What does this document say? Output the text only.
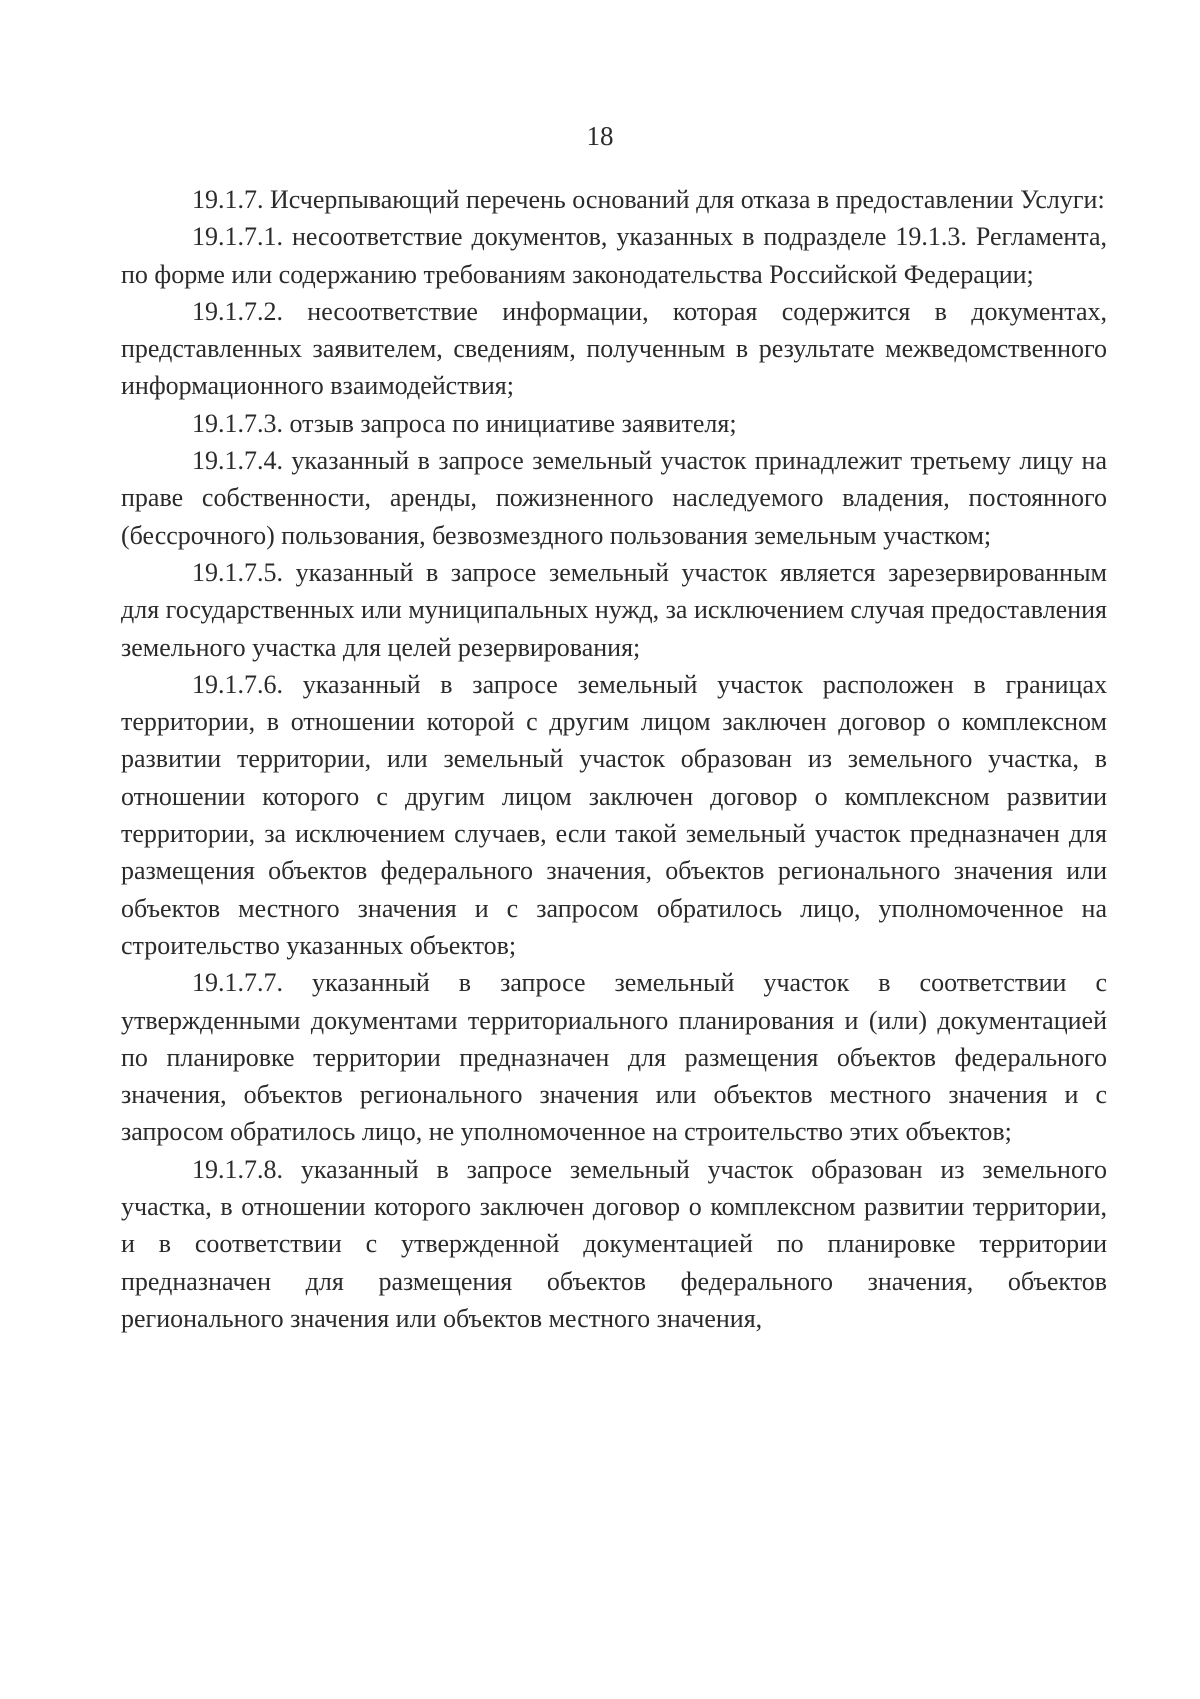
18

19.1.7. Исчерпывающий перечень оснований для отказа в предоставлении Услуги:

19.1.7.1. несоответствие документов, указанных в подразделе 19.1.3. Регламента, по форме или содержанию требованиям законодательства Российской Федерации;

19.1.7.2. несоответствие информации, которая содержится в документах, представленных заявителем, сведениям, полученным в результате межведомственного информационного взаимодействия;

19.1.7.3. отзыв запроса по инициативе заявителя;

19.1.7.4. указанный в запросе земельный участок принадлежит третьему лицу на праве собственности, аренды, пожизненного наследуемого владения, постоянного (бессрочного) пользования, безвозмездного пользования земельным участком;

19.1.7.5. указанный в запросе земельный участок является зарезервированным для государственных или муниципальных нужд, за исключением случая предоставления земельного участка для целей резервирования;

19.1.7.6. указанный в запросе земельный участок расположен в границах территории, в отношении которой с другим лицом заключен договор о комплексном развитии территории, или земельный участок образован из земельного участка, в отношении которого с другим лицом заключен договор о комплексном развитии территории, за исключением случаев, если такой земельный участок предназначен для размещения объектов федерального значения, объектов регионального значения или объектов местного значения и с запросом обратилось лицо, уполномоченное на строительство указанных объектов;

19.1.7.7. указанный в запросе земельный участок в соответствии с утвержденными документами территориального планирования и (или) документацией по планировке территории предназначен для размещения объектов федерального значения, объектов регионального значения или объектов местного значения и с запросом обратилось лицо, не уполномоченное на строительство этих объектов;

19.1.7.8. указанный в запросе земельный участок образован из земельного участка, в отношении которого заключен договор о комплексном развитии территории, и в соответствии с утвержденной документацией по планировке территории предназначен для размещения объектов федерального значения, объектов регионального значения или объектов местного значения,
